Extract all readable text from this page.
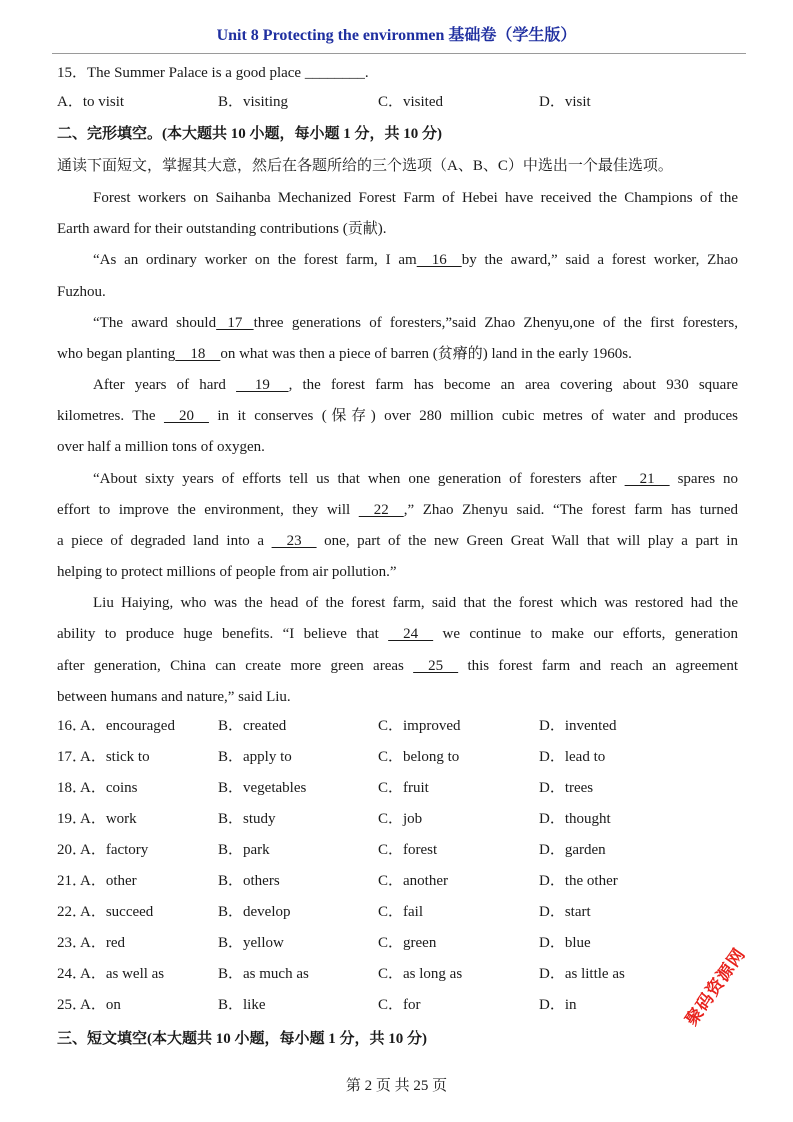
Unit 8 Protecting the environmen 基础卷（学生版）
15．The Summer Palace is a good place ________.
A．to visit	B．visiting	C．visited	D．visit
二、完形填空。(本大题共 10 小题，每小题 1 分，共 10 分)
通读下面短文，掌握其大意，然后在各题所给的三个选项（A、B、C）中选出一个最佳选项。
Forest workers on Saihanba Mechanized Forest Farm of Hebei have received the Champions of the
Earth award for their outstanding contributions (贡献).
“As an ordinary worker on the forest farm, I am    16    by the award,” said a forest worker, Zhao
Fuzhou.
“The award should   17   three generations of foresters,”said Zhao Zhenyu,one of the first foresters,
who began planting    18    on what was then a piece of barren (贫瘠的) land in the early 1960s.
After years of hard      19     , the forest farm has become an area covering about 930 square
kilometres. The     20     in it conserves (保存) over 280 million cubic metres of water and produces
over half a million tons of oxygen.
“About sixty years of efforts tell us that when one generation of foresters after     21     spares no
effort to improve the environment, they will     22    ,” Zhao Zhenyu said. “The forest farm has turned
a piece of degraded land into a     23     one, part of the new Green Great Wall that will play a part in
helping to protect millions of people from air pollution.”
Liu Haiying, who was the head of the forest farm, said that the forest which was restored had the
ability to produce huge benefits. “I believe that     24     we continue to make our efforts, generation
after generation, China can create more green areas     25     this forest farm and reach an agreement
between humans and nature,” said Liu.
16．
A．encouraged	B．created	C．improved	D．invented
17．
A．stick to	B．apply to	C．belong to	D．lead to
18．
A．coins	B．vegetables	C．fruit	D．trees
19．
A．work	B．study	C．job	D．thought
20．
A．factory	B．park	C．forest	D．garden
21．
A．other	B．others	C．another	D．the other
22．
A．succeed	B．develop	C．fail	D．start
23．
A．red	B．yellow	C．green	D．blue
24．
A．as well as	B．as much as	C．as long as	D．as little as
25．
A．on	B．like	C．for	D．in
三、短文填空(本大题共 10 小题，每小题 1 分，共 10 分)
第 2 页 共 25 页
聚码资源网
